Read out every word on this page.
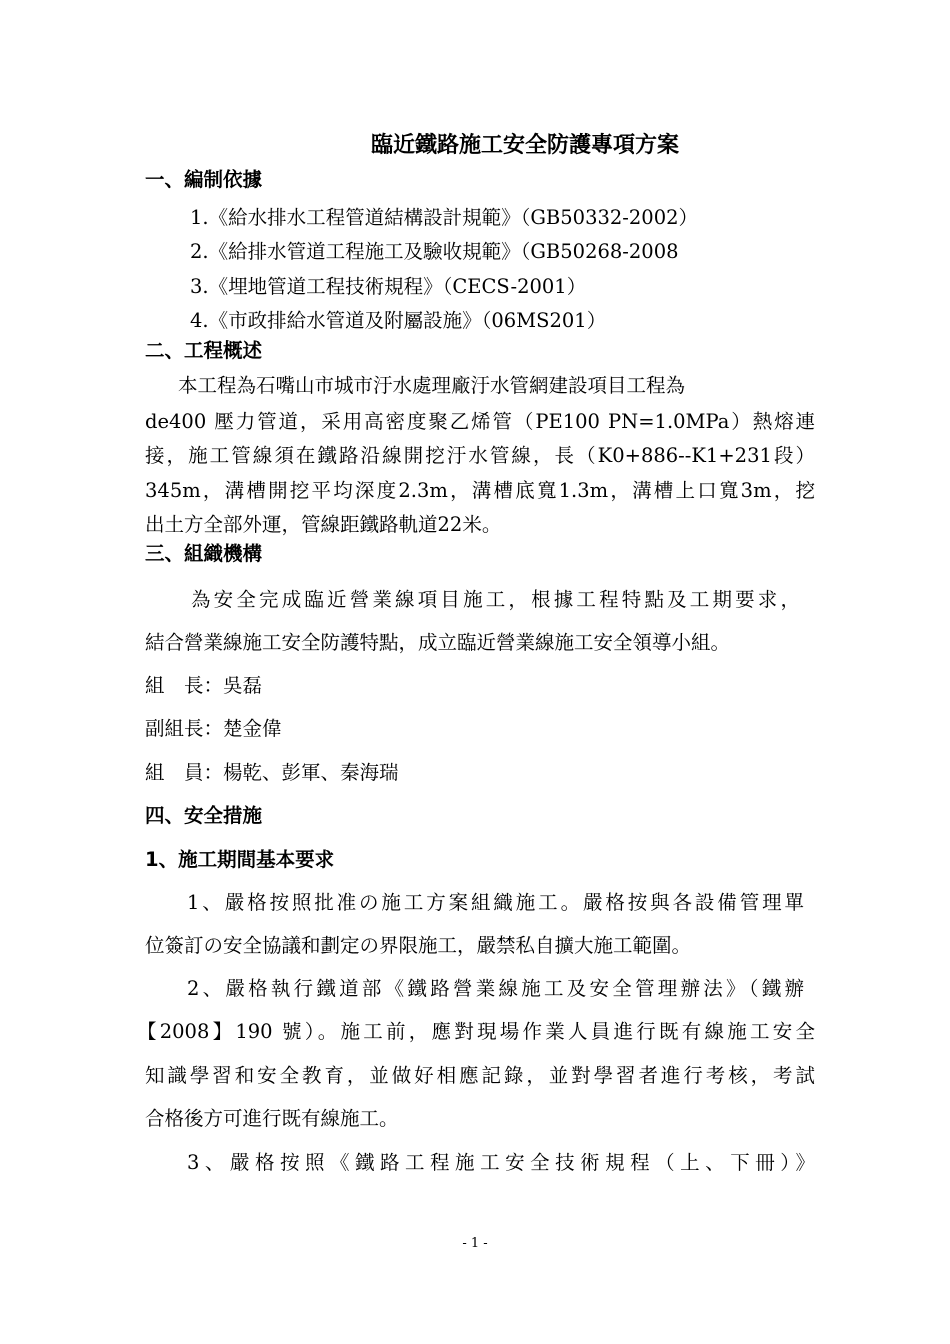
臨近鐵路施工安全防護專項方案
一、編制依據
1.《給水排水工程管道結構設計規範》（GB50332-2002）
2.《給排水管道工程施工及驗收規範》（GB50268-2008
3.《埋地管道工程技術規程》（CECS-2001）
4.《市政排給水管道及附屬設施》（06MS201）
二、工程概述
本工程為石嘴山市城市汙水處理廠汙水管網建設項目工程為
de400 壓力管道，采用高密度聚乙烯管（PE100 PN=1.0MPa）熱熔連
接，施工管線須在鐵路沿線開挖汙水管線，長（K0+886--K1+231段）
345m，溝槽開挖平均深度2.3m，溝槽底寬1.3m，溝槽上口寬3m，挖
出土方全部外運，管線距鐵路軌道22米。
三、組織機構
為安全完成臨近營業線項目施工，根據工程特點及工期要求，
結合營業線施工安全防護特點，成立臨近營業線施工安全領導小組。
組　長：吳磊
副組長：楚金偉
組　員：楊乾、彭軍、秦海瑞
四、安全措施
1、施工期間基本要求
1、嚴格按照批准の施工方案組織施工。嚴格按與各設備管理單
位簽訂の安全協議和劃定の界限施工，嚴禁私自擴大施工範圍。
2、嚴格執行鐵道部《鐵路營業線施工及安全管理辦法》（鐵辦
【2008】190 號）。施工前，應對現場作業人員進行既有線施工安全
知識學習和安全教育，並做好相應記錄，並對學習者進行考核，考試
合格後方可進行既有線施工。
3、嚴格按照《鐵路工程施工安全技術規程（上、下冊）》
- 1 -
